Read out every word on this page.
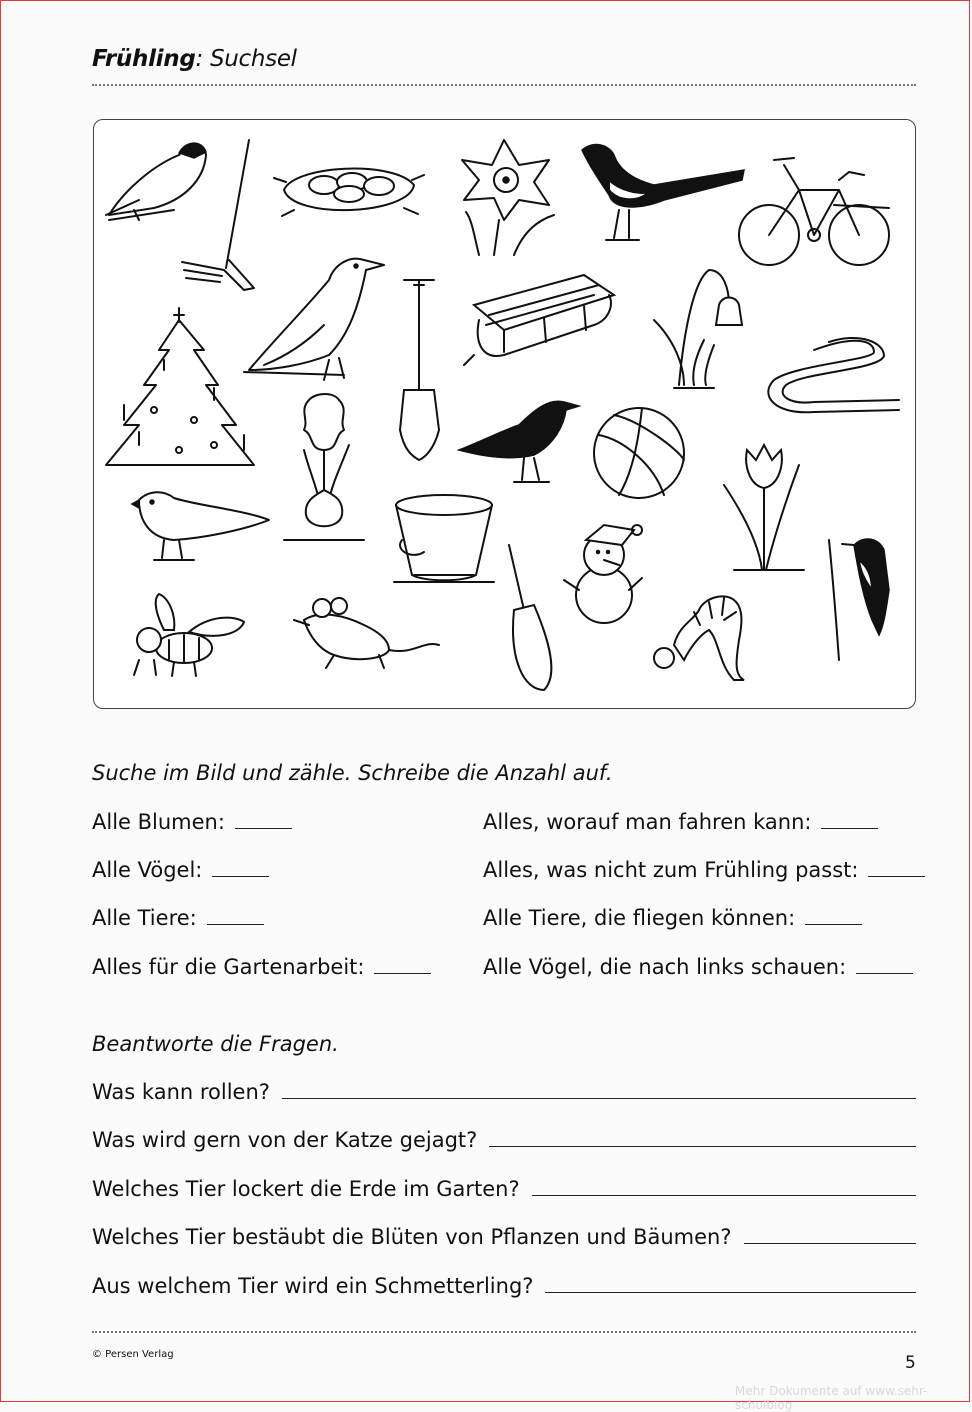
Frühling: Suchsel
Suche im Bild und zähle. Schreibe die Anzahl auf.
Alle Blumen:
Alle Vögel:
Alle Tiere:
Alles für die Gartenarbeit:
Alles, worauf man fahren kann:
Alles, was nicht zum Frühling passt:
Alle Tiere, die fliegen können:
Alle Vögel, die nach links schauen:
Beantworte die Fragen.
Was kann rollen?
Was wird gern von der Katze gejagt?
Welches Tier lockert die Erde im Garten?
Welches Tier bestäubt die Blüten von Pflanzen und Bäumen?
Aus welchem Tier wird ein Schmetterling?
© Persen Verlag	5
Mehr Dokumente auf www.sehr-schulblog
